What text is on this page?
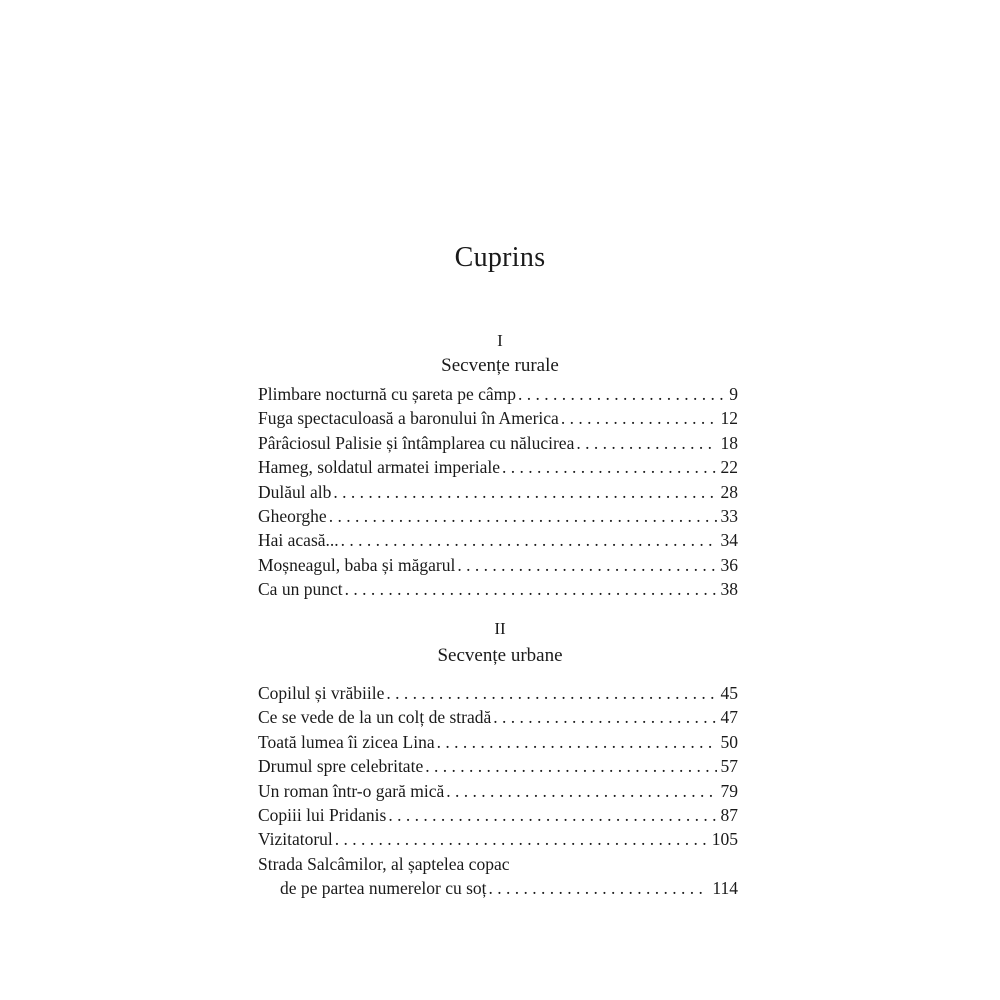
Cuprins
I
Secvențe rurale
Plimbare nocturnă cu șareta pe câmp . . .	9
Fuga spectaculoasă a baronului în America . . .	12
Pârâciosul Palisie și întâmplarea cu nălucirea . . .	18
Hameg, soldatul armatei imperiale . . .	22
Dulăul alb . . .	28
Gheorghe . . .	33
Hai acasă... . . .	34
Moșneagul, baba și măgarul . . .	36
Ca un punct . . .	38
II
Secvențe urbane
Copilul și vrăbiile . . .	45
Ce se vede de la un colț de stradă . . .	47
Toată lumea îi zicea Lina . . .	50
Drumul spre celebritate . . .	57
Un roman într-o gară mică . . .	79
Copiii lui Pridanis . . .	87
Vizitatorul . . .	105
Strada Salcâmilor, al șaptelea copac
de pe partea numerelor cu soț . . .	114
